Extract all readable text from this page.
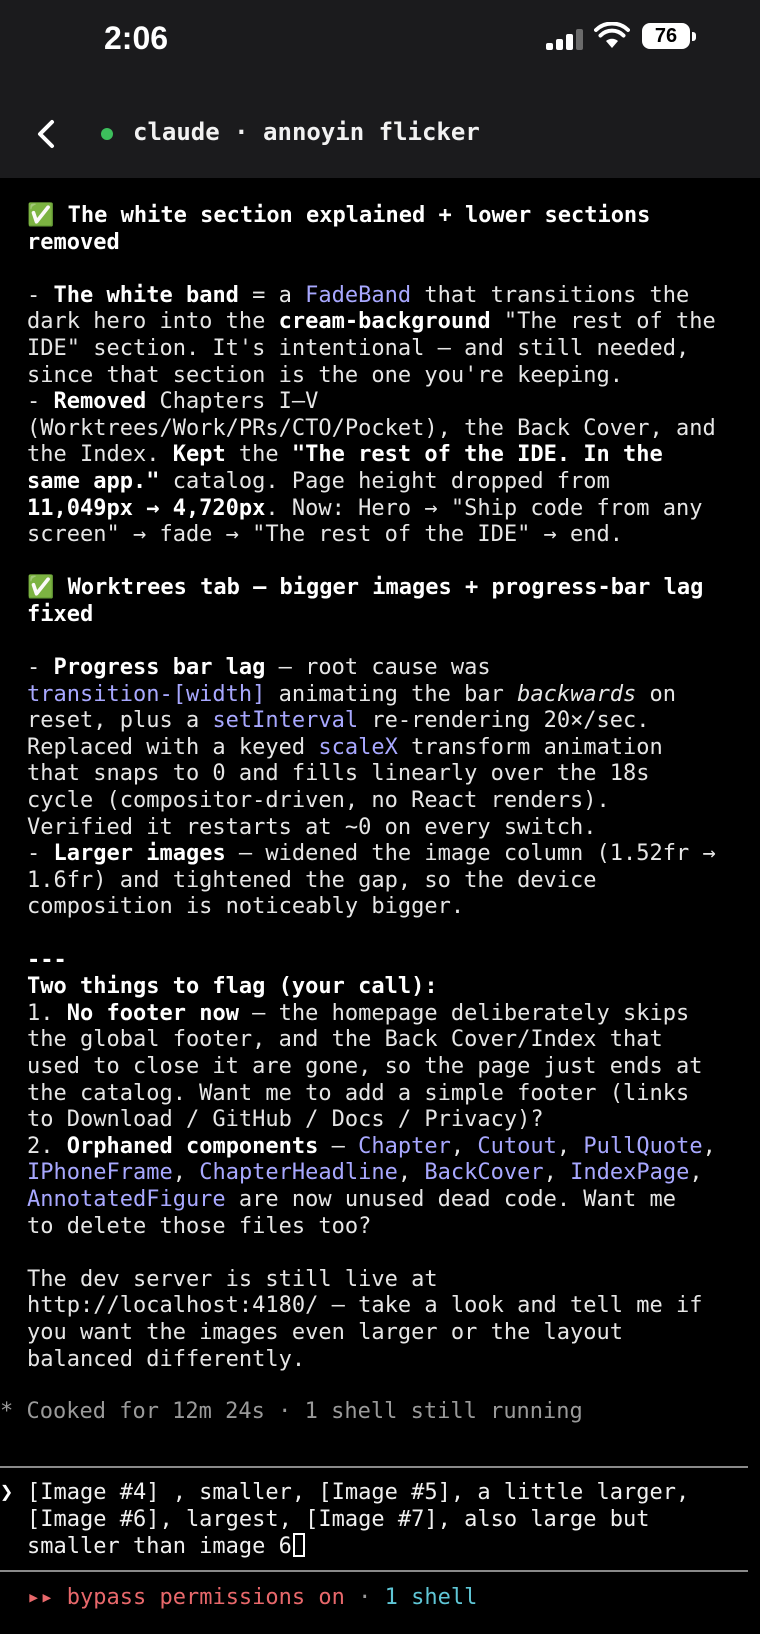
2:06	76
claude · annoyin flicker
✅ The white section explained + lower sections
removed

- The white band = a FadeBand that transitions the
dark hero into the cream-background "The rest of the
IDE" section. It's intentional — and still needed,
since that section is the one you're keeping.
- Removed Chapters I–V
(Worktrees/Work/PRs/CTO/Pocket), the Back Cover, and
the Index. Kept the "The rest of the IDE. In the
same app." catalog. Page height dropped from
11,049px → 4,720px. Now: Hero → "Ship code from any
screen" → fade → "The rest of the IDE" → end.

✅ Worktrees tab — bigger images + progress-bar lag
fixed

- Progress bar lag — root cause was
transition-[width] animating the bar backwards on
reset, plus a setInterval re-rendering 20×/sec.
Replaced with a keyed scaleX transform animation
that snaps to 0 and fills linearly over the 18s
cycle (compositor-driven, no React renders).
Verified it restarts at ~0 on every switch.
- Larger images — widened the image column (1.52fr →
1.6fr) and tightened the gap, so the device
composition is noticeably bigger.

---
Two things to flag (your call):
1. No footer now — the homepage deliberately skips
the global footer, and the Back Cover/Index that
used to close it are gone, so the page just ends at
the catalog. Want me to add a simple footer (links
to Download / GitHub / Docs / Privacy)?
2. Orphaned components — Chapter, Cutout, PullQuote,
IPhoneFrame, ChapterHeadline, BackCover, IndexPage,
AnnotatedFigure are now unused dead code. Want me
to delete those files too?

The dev server is still live at
http://localhost:4180/ — take a look and tell me if
you want the images even larger or the layout
balanced differently.
* Cooked for 12m 24s · 1 shell still running
❯ [Image #4] , smaller, [Image #5], a little larger,
[Image #6], largest, [Image #7], also large but
smaller than image 6
▸▸ bypass permissions on · 1 shell
